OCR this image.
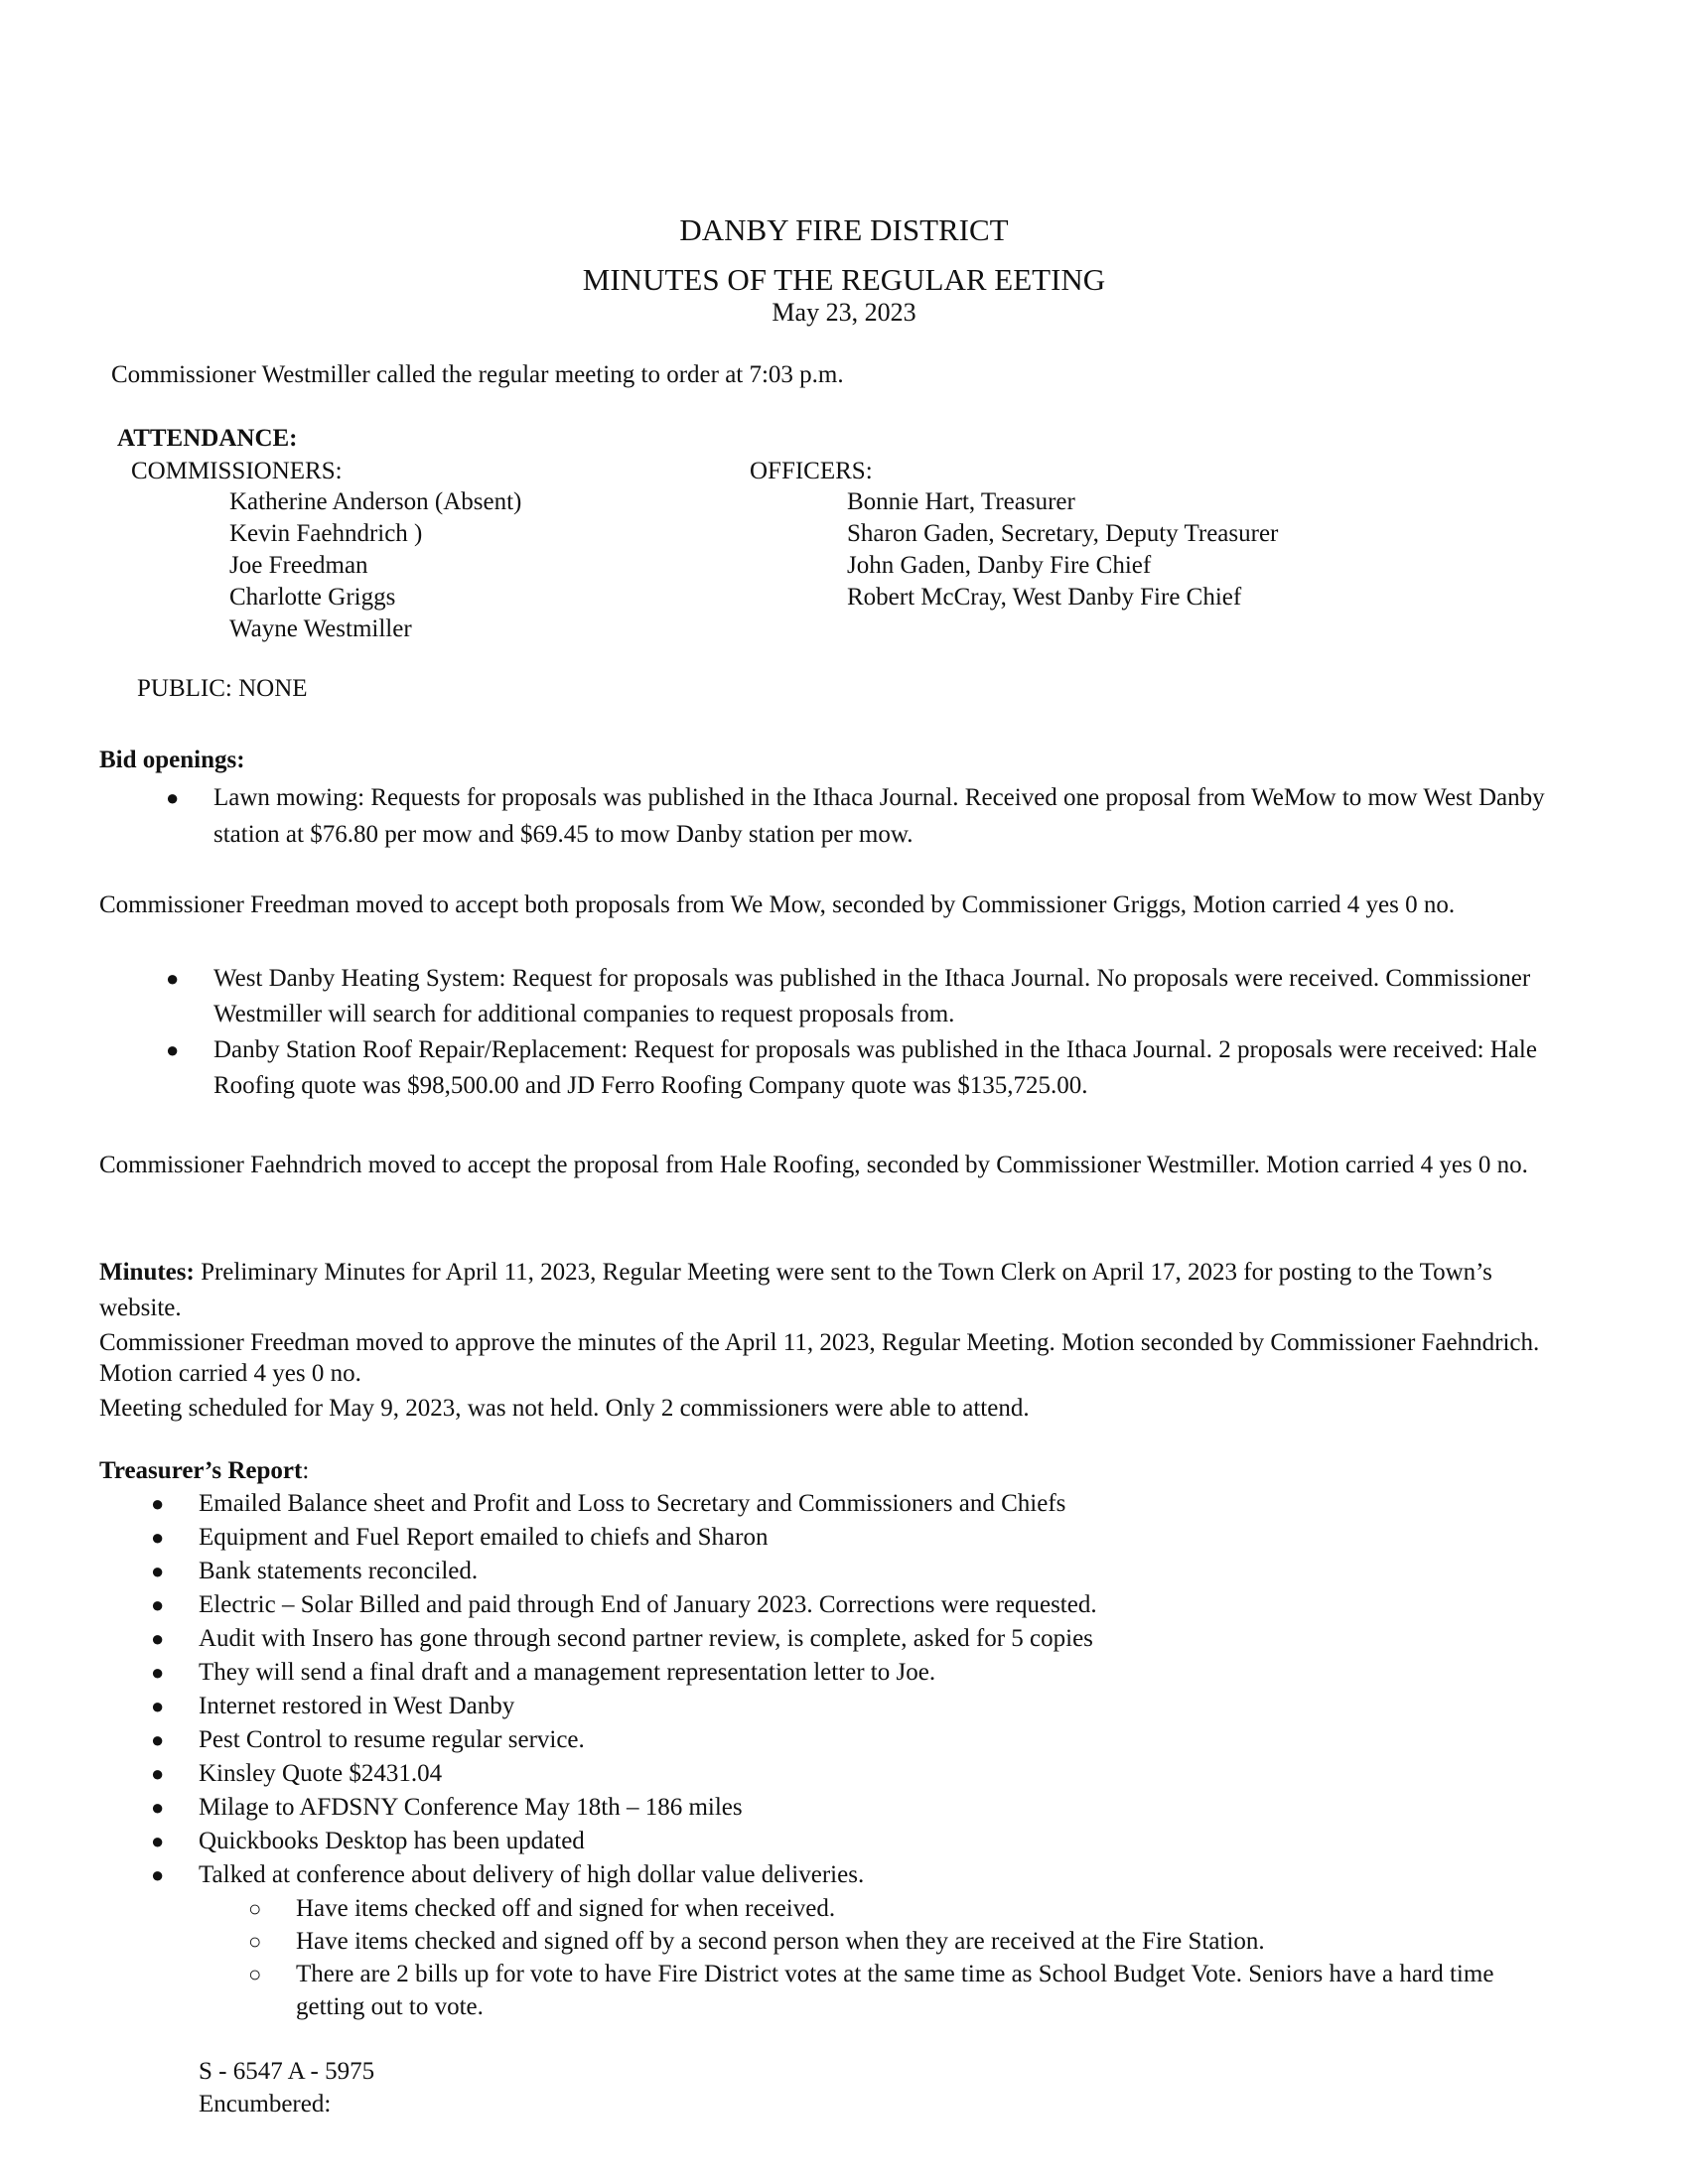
DANBY FIRE DISTRICT
MINUTES OF THE REGULAR EETING
May 23, 2023
Commissioner Westmiller called the regular meeting to order at 7:03 p.m.
ATTENDANCE:
COMMISSIONERS:
Katherine Anderson (Absent)
Kevin Faehndrich )
Joe Freedman
Charlotte Griggs
Wayne Westmiller
OFFICERS:
Bonnie Hart, Treasurer
Sharon Gaden, Secretary, Deputy Treasurer
John Gaden, Danby Fire Chief
Robert McCray, West Danby Fire Chief
PUBLIC: NONE
Bid openings:
● Lawn mowing: Requests for proposals was published in the Ithaca Journal. Received one proposal from WeMow to mow West Danby station at $76.80 per mow and $69.45 to mow Danby station per mow.
Commissioner Freedman moved to accept both proposals from We Mow, seconded by Commissioner Griggs, Motion carried 4 yes 0 no.
● West Danby Heating System: Request for proposals was published in the Ithaca Journal. No proposals were received. Commissioner Westmiller will search for additional companies to request proposals from.
● Danby Station Roof Repair/Replacement: Request for proposals was published in the Ithaca Journal. 2 proposals were received: Hale Roofing quote was $98,500.00 and JD Ferro Roofing Company quote was $135,725.00.
Commissioner Faehndrich moved to accept the proposal from Hale Roofing, seconded by Commissioner Westmiller. Motion carried 4 yes 0 no.
Minutes: Preliminary Minutes for April 11, 2023, Regular Meeting were sent to the Town Clerk on April 17, 2023 for posting to the Town’s website.
Commissioner Freedman moved to approve the minutes of the April 11, 2023, Regular Meeting. Motion seconded by Commissioner Faehndrich. Motion carried 4 yes 0 no.
Meeting scheduled for May 9, 2023, was not held. Only 2 commissioners were able to attend.
Treasurer’s Report:
● Emailed Balance sheet and Profit and Loss to Secretary and Commissioners and Chiefs
● Equipment and Fuel Report emailed to chiefs and Sharon
● Bank statements reconciled.
● Electric – Solar Billed and paid through End of January 2023. Corrections were requested.
● Audit with Insero has gone through second partner review, is complete, asked for 5 copies
● They will send a final draft and a management representation letter to Joe.
● Internet restored in West Danby
● Pest Control to resume regular service.
● Kinsley Quote $2431.04
● Milage to AFDSNY Conference May 18th – 186 miles
● Quickbooks Desktop has been updated
● Talked at conference about delivery of high dollar value deliveries.
○ Have items checked off and signed for when received.
○ Have items checked and signed off by a second person when they are received at the Fire Station.
○ There are 2 bills up for vote to have Fire District votes at the same time as School Budget Vote. Seniors have a hard time getting out to vote.
S - 6547 A - 5975
Encumbered:
